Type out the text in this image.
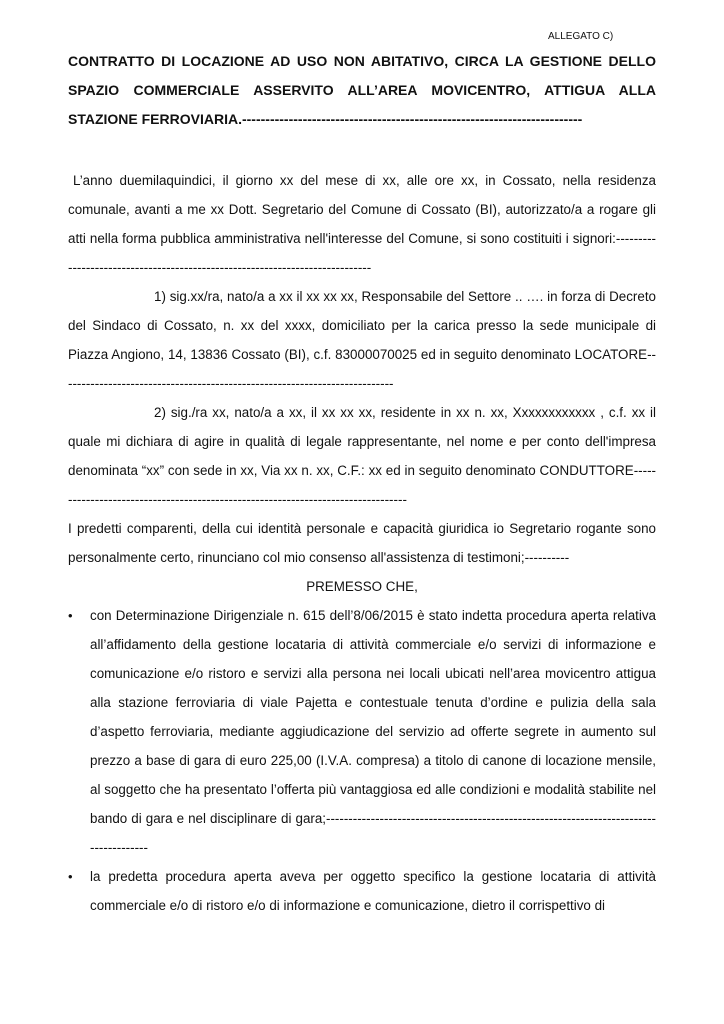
ALLEGATO C)
CONTRATTO DI LOCAZIONE AD USO NON ABITATIVO, CIRCA LA GESTIONE DELLO SPAZIO COMMERCIALE ASSERVITO ALL’AREA MOVICENTRO, ATTIGUA ALLA STAZIONE FERROVIARIA.-------------------------------------------------------------------------

L’anno duemilaquindici, il giorno xx del mese di xx, alle ore xx, in Cossato, nella residenza comunale, avanti a me xx Dott. Segretario del Comune di Cossato (BI), autorizzato/a a rogare gli atti nella forma pubblica amministrativa nell'interesse del Comune, si sono costituiti i signori:-----------------------------------------------------------------------------

1) sig.xx/ra, nato/a a xx il xx xx xx, Responsabile del Settore .. …. in forza di Decreto del Sindaco di Cossato, n. xx del xxxx, domiciliato per la carica presso la sede municipale di Piazza Angiono, 14, 13836 Cossato (BI), c.f. 83000070025 ed in seguito denominato LOCATORE---------------------------------------------------------------------------

2) sig./ra xx, nato/a a xx, il xx xx xx, residente in xx n. xx, Xxxxxxxxxxxx , c.f. xx il quale mi dichiara di agire in qualità di legale rappresentante, nel nome e per conto dell'impresa denominata “xx” con sede in xx, Via xx n. xx, C.F.: xx ed in seguito denominato CONDUTTORE---------------------------------------------------------------------------------

I predetti comparenti, della cui identità personale e capacità giuridica io Segretario rogante sono personalmente certo, rinunciano col mio consenso all'assistenza di testimoni;----------

PREMESSO CHE,

•	con Determinazione Dirigenziale n. 615 dell’8/06/2015 è stato indetta procedura aperta relativa all’affidamento della gestione locataria di attività commerciale e/o servizi di informazione e comunicazione e/o ristoro e servizi alla persona nei locali ubicati nell’area movicentro attigua alla stazione ferroviaria di viale Pajetta e contestuale tenuta d’ordine e pulizia della sala d’aspetto ferroviaria, mediante aggiudicazione del servizio ad offerte segrete in aumento sul prezzo a base di gara di euro 225,00 (I.V.A. compresa) a titolo di canone di locazione mensile, al soggetto che ha presentato l’offerta più vantaggiosa ed alle condizioni e modalità stabilite nel bando di gara e nel disciplinare di gara;---------------------------------------------------------------------------------------
•	la predetta procedura aperta aveva per oggetto specifico la gestione locataria di attività commerciale e/o di ristoro e/o di informazione e comunicazione, dietro il corrispettivo di
